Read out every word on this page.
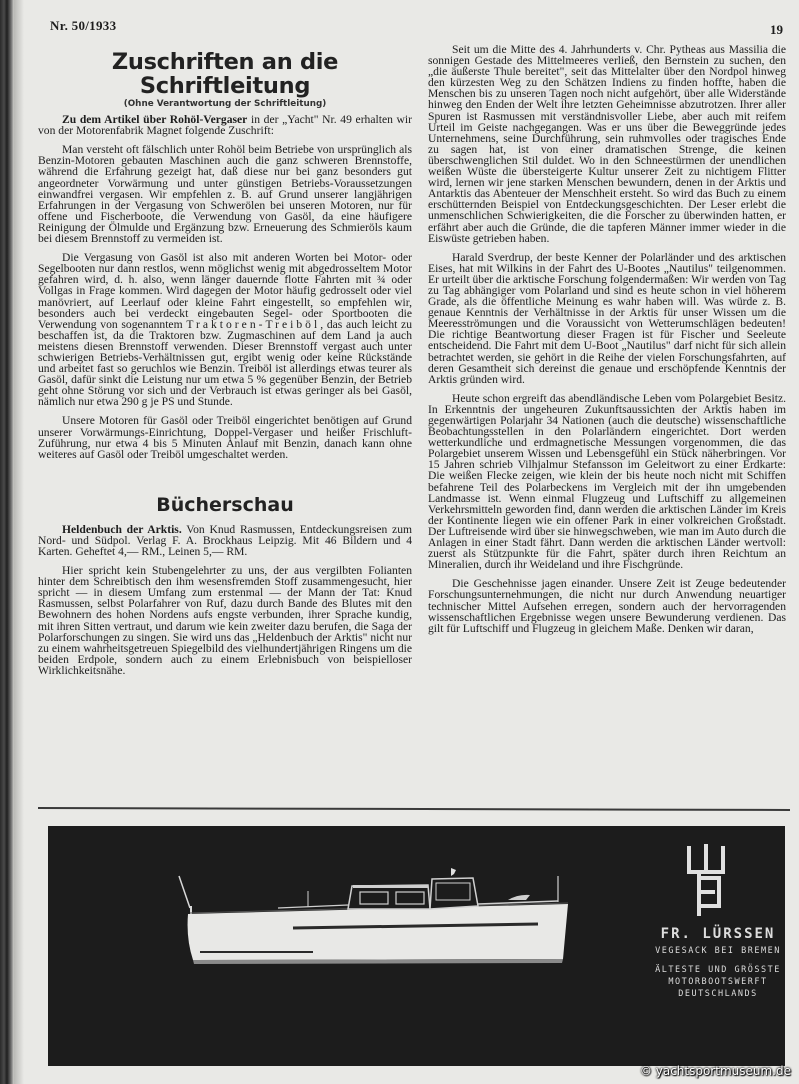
Nr. 50/1933	19
Zuschriften an die Schriftleitung
(Ohne Verantwortung der Schriftleitung)

Zu dem Artikel über Rohöl-Vergaser in der „Yacht" Nr. 49 erhalten wir von der Motorenfabrik Magnet folgende Zuschrift:

Man versteht oft fälschlich unter Rohöl beim Betriebe von ursprünglich als Benzin-Motoren gebauten Maschinen auch die ganz schweren Brennstoffe, während die Erfahrung gezeigt hat, daß diese nur bei ganz besonders gut angeordneter Vorwärmung und unter günstigen Betriebs-Voraussetzungen einwandfrei vergasen. Wir empfehlen z. B. auf Grund unserer langjährigen Erfahrungen in der Vergasung von Schwerölen bei unseren Motoren, nur für offene und Fischerboote, die Verwendung von Gasöl, da eine häufigere Reinigung der Ölmulde und Ergänzung bzw. Erneuerung des Schmieröls kaum bei diesem Brennstoff zu vermeiden ist.

Die Vergasung von Gasöl ist also mit anderen Worten bei Motor- oder Segelbooten nur dann restlos, wenn möglichst wenig mit abgedrosseltem Motor gefahren wird, d. h. also, wenn länger dauernde flotte Fahrten mit ¾ oder Vollgas in Frage kommen. Wird dagegen der Motor häufig gedrosselt oder viel manövriert, auf Leerlauf oder kleine Fahrt eingestellt, so empfehlen wir, besonders auch bei verdeckt eingebauten Segel- oder Sportbooten die Verwendung von sogenanntem Traktoren-Treiböl, das auch leicht zu beschaffen ist, da die Traktoren bzw. Zugmaschinen auf dem Land ja auch meistens diesen Brennstoff verwenden. Dieser Brennstoff vergast auch unter schwierigen Betriebs-Verhältnissen gut, ergibt wenig oder keine Rückstände und arbeitet fast so geruchlos wie Benzin. Treiböl ist allerdings etwas teurer als Gasöl, dafür sinkt die Leistung nur um etwa 5 % gegenüber Benzin, der Betrieb geht ohne Störung vor sich und der Verbrauch ist etwas geringer als bei Gasöl, nämlich nur etwa 290 g je PS und Stunde.

Unsere Motoren für Gasöl oder Treiböl eingerichtet benötigen auf Grund unserer Vorwärmungs-Einrichtung, Doppel-Vergaser und heißer Frischluft-Zuführung, nur etwa 4 bis 5 Minuten Anlauf mit Benzin, danach kann ohne weiteres auf Gasöl oder Treiböl umgeschaltet werden.

Bücherschau

Heldenbuch der Arktis. Von Knud Rasmussen, Entdeckungsreisen zum Nord- und Südpol. Verlag F. A. Brockhaus Leipzig. Mit 46 Bildern und 4 Karten. Geheftet 4,— RM., Leinen 5,— RM.

Hier spricht kein Stubengelehrter zu uns, der aus vergilbten Folianten hinter dem Schreibtisch den ihm wesensfremden Stoff zusammengesucht, hier spricht — in diesem Umfang zum erstenmal — der Mann der Tat: Knud Rasmussen, selbst Polarfahrer von Ruf, dazu durch Bande des Blutes mit den Bewohnern des hohen Nordens aufs engste verbunden, ihrer Sprache kundig, mit ihren Sitten vertraut, und darum wie kein zweiter dazu berufen, die Saga der Polarforschungen zu singen. Sie wird uns das „Heldenbuch der Arktis" nicht nur zu einem wahrheitsgetreuen Spiegelbild des vielhundertjährigen Ringens um die beiden Erdpole, sondern auch zu einem Erlebnisbuch von beispielloser Wirklichkeitsnähe.

Seit um die Mitte des 4. Jahrhunderts v. Chr. Pytheas aus Massilia die sonnigen Gestade des Mittelmeeres verließ, den Bernstein zu suchen, den „die äußerste Thule bereitet", seit das Mittelalter über den Nordpol hinweg den kürzesten Weg zu den Schätzen Indiens zu finden hoffte, haben die Menschen bis zu unseren Tagen noch nicht aufgehört, über alle Widerstände hinweg den Enden der Welt ihre letzten Geheimnisse abzutrotzen. Ihrer aller Spuren ist Rasmussen mit verständnisvoller Liebe, aber auch mit reifem Urteil im Geiste nachgegangen. Was er uns über die Beweggründe jedes Unternehmens, seine Durchführung, sein ruhmvolles oder tragisches Ende zu sagen hat, ist von einer dramatischen Strenge, die keinen überschwenglichen Stil duldet. Wo in den Schneestürmen der unendlichen weißen Wüste die übersteigerte Kultur unserer Zeit zu nichtigem Flitter wird, lernen wir jene starken Menschen bewundern, denen in der Arktis und Antarktis das Abenteuer der Menschheit ersteht. So wird das Buch zu einem erschütternden Beispiel von Entdeckungsgeschichten. Der Leser erlebt die unmenschlichen Schwierigkeiten, die die Forscher zu überwinden hatten, er erfährt aber auch die Gründe, die die tapferen Männer immer wieder in die Eiswüste getrieben haben.

Harald Sverdrup, der beste Kenner der Polarländer und des arktischen Eises, hat mit Wilkins in der Fahrt des U-Bootes „Nautilus" teilgenommen. Er urteilt über die arktische Forschung folgendermaßen: Wir werden von Tag zu Tag abhängiger vom Polarland und sind es heute schon in viel höherem Grade, als die öffentliche Meinung es wahr haben will. Was würde z. B. genaue Kenntnis der Verhältnisse in der Arktis für unser Wissen um die Meeresströmungen und die Voraussicht von Wetterumschlägen bedeuten! Die richtige Beantwortung dieser Fragen ist für Fischer und Seeleute entscheidend. Die Fahrt mit dem U-Boot „Nautilus" darf nicht für sich allein betrachtet werden, sie gehört in die Reihe der vielen Forschungsfahrten, auf deren Gesamtheit sich dereinst die genaue und erschöpfende Kenntnis der Arktis gründen wird.

Heute schon ergreift das abendländische Leben vom Polargebiet Besitz. In Erkenntnis der ungeheuren Zukunftsaussichten der Arktis haben im gegenwärtigen Polarjahr 34 Nationen (auch die deutsche) wissenschaftliche Beobachtungsstellen in den Polarländern eingerichtet. Dort werden wetterkundliche und erdmagnetische Messungen vorgenommen, die das Polargebiet unserem Wissen und Lebensgefühl ein Stück näherbringen. Vor 15 Jahren schrieb Vilhjalmur Stefansson im Geleitwort zu einer Erdkarte: Die weißen Flecke zeigen, wie klein der bis heute noch nicht mit Schiffen befahrene Teil des Polarbeckens im Vergleich mit der ihn umgebenden Landmasse ist. Wenn einmal Flugzeug und Luftschiff zu allgemeinen Verkehrsmitteln geworden find, dann werden die arktischen Länder im Kreis der Kontinente liegen wie ein offener Park in einer volkreichen Großstadt. Der Luftreisende wird über sie hinwegschweben, wie man im Auto durch die Anlagen in einer Stadt fährt. Dann werden die arktischen Länder wertvoll: zuerst als Stützpunkte für die Fahrt, später durch ihren Reichtum an Mineralien, durch ihr Weideland und ihre Fischgründe.

Die Geschehnisse jagen einander. Unsere Zeit ist Zeuge bedeutender Forschungsunternehmungen, die nicht nur durch Anwendung neuartiger technischer Mittel Aufsehen erregen, sondern auch der hervorragenden wissenschaftlichen Ergebnisse wegen unsere Bewunderung verdienen. Das gilt für Luftschiff und Flugzeug in gleichem Maße. Denken wir daran,

FR. LÜRSSEN
VEGESACK BEI BREMEN
ÄLTESTE UND GRÖSSTE
MOTORBOOTSWERFT
DEUTSCHLANDS
© yachtsportmuseum.de
